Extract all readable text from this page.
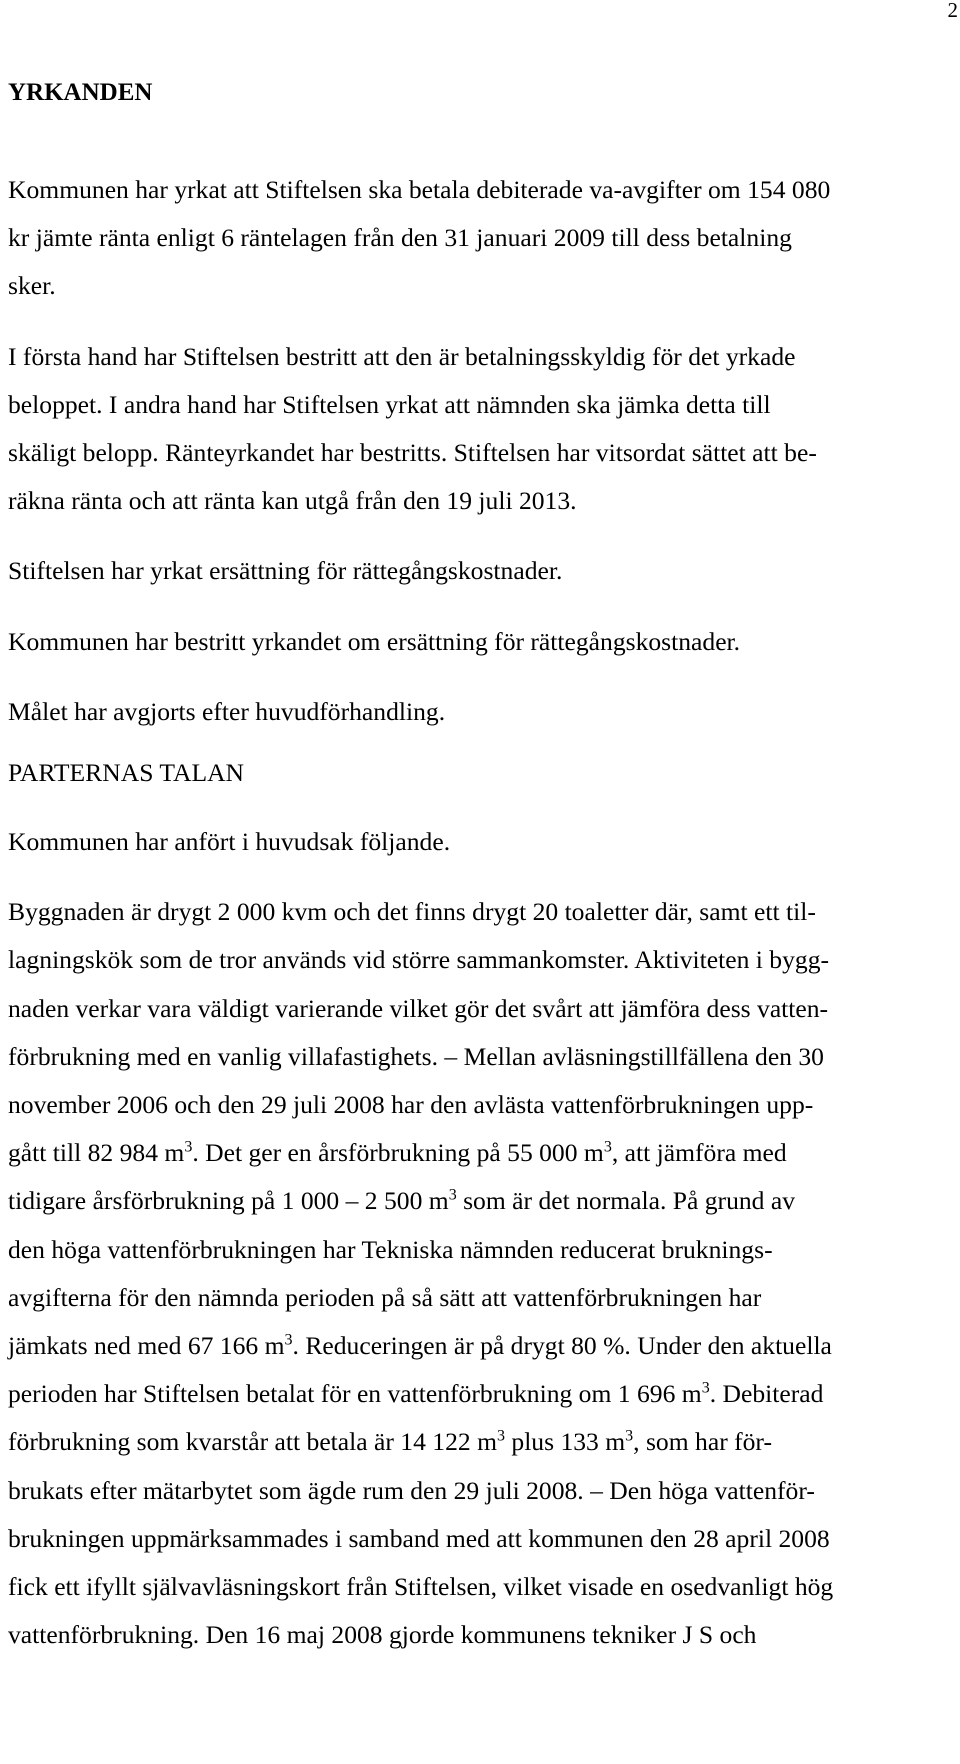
2
YRKANDEN

Kommunen har yrkat att Stiftelsen ska betala debiterade va-avgifter om 154 080
kr jämte ränta enligt 6 räntelagen från den 31 januari 2009 till dess betalning
sker.

I första hand har Stiftelsen bestritt att den är betalningsskyldig för det yrkade
beloppet. I andra hand har Stiftelsen yrkat att nämnden ska jämka detta till
skäligt belopp. Ränteyrkandet har bestritts. Stiftelsen har vitsordat sättet att be-
räkna ränta och att ränta kan utgå från den 19 juli 2013.

Stiftelsen har yrkat ersättning för rättegångskostnader.

Kommunen har bestritt yrkandet om ersättning för rättegångskostnader.

Målet har avgjorts efter huvudförhandling.

PARTERNAS TALAN

Kommunen har anfört i huvudsak följande.

Byggnaden är drygt 2 000 kvm och det finns drygt 20 toaletter där, samt ett til-
lagningskök som de tror används vid större sammankomster. Aktiviteten i bygg-
naden verkar vara väldigt varierande vilket gör det svårt att jämföra dess vatten-
förbrukning med en vanlig villafastighets. – Mellan avläsningstillfällena den 30
november 2006 och den 29 juli 2008 har den avlästa vattenförbrukningen upp-
gått till 82 984 $m^3$. Det ger en årsförbrukning på 55 000 $m^3$, att jämföra med
tidigare årsförbrukning på 1 000 – 2 500 $m^3$ som är det normala. På grund av
den höga vattenförbrukningen har Tekniska nämnden reducerat bruknings-
avgifterna för den nämnda perioden på så sätt att vattenförbrukningen har
jämkats ned med 67 166 $m^3$. Reduceringen är på drygt 80 %. Under den aktuella
perioden har Stiftelsen betalat för en vattenförbrukning om 1 696 $m^3$. Debiterad
förbrukning som kvarstår att betala är 14 122 $m^3$ plus 133 $m^3$, som har för-
brukats efter mätarbytet som ägde rum den 29 juli 2008. – Den höga vattenför-
brukningen uppmärksammades i samband med att kommunen den 28 april 2008
fick ett ifyllt självavläsningskort från Stiftelsen, vilket visade en osedvanligt hög
vattenförbrukning. Den 16 maj 2008 gjorde kommunens tekniker J S och
